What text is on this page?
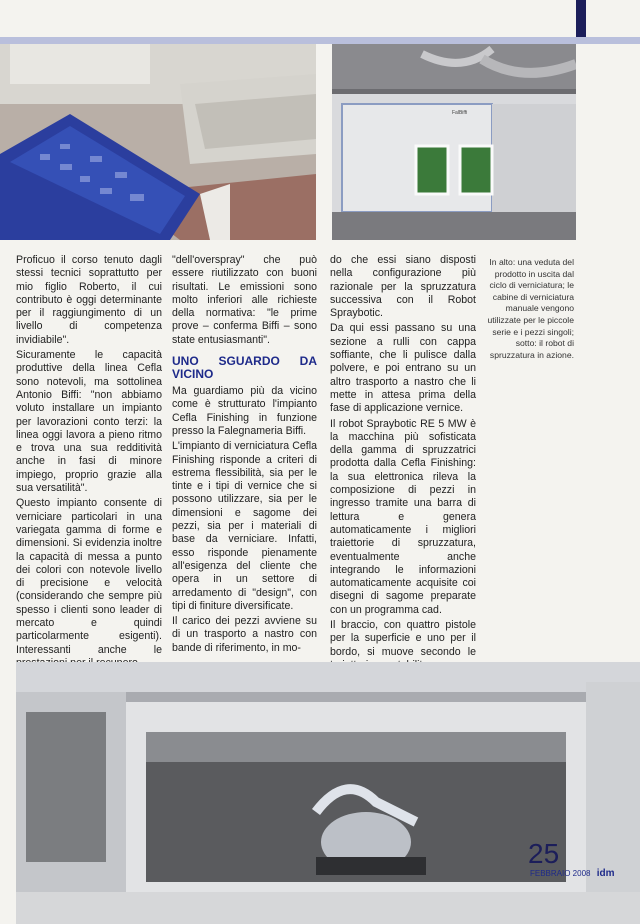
FalBiffi

Proficuo il corso tenuto dagli stessi tecnici soprattutto per mio figlio Roberto, il cui contributo è oggi determinante per il raggiungimento di un livello di competenza invidiabile".

Sicuramente le capacità produttive della linea Cefla sono notevoli, ma sottolinea Antonio Biffi: "non abbiamo voluto installare un impianto per lavorazioni conto terzi: la linea oggi lavora a pieno ritmo e trova una sua redditività anche in fasi di minore impiego, proprio grazie alla sua versatilità".

Questo impianto consente di verniciare particolari in una variegata gamma di forme e dimensioni. Si evidenzia inoltre la capacità di messa a punto dei colori con notevole livello di precisione e velocità (considerando che sempre più spesso i clienti sono leader di mercato e quindi particolarmente esigenti). Interessanti anche le

"dell'overspray" che può essere riutilizzato con buoni risultati. Le emissioni sono molto inferiori alle richieste della normativa: "le prime prove – conferma Biffi – sono state entusiasmanti".

UNO SGUARDO DA VICINO

Ma guardiamo più da vicino come è strutturato l'impianto Cefla Finishing in funzione presso la Falegnameria Biffi.

L'impianto di verniciatura Cefla Finishing risponde a criteri di estrema flessibilità, sia per le tinte e i tipi di vernice che si possono utilizzare, sia per le dimensioni e sagome dei pezzi, sia per i materiali di base da verniciare. Infatti, esso risponde pienamente all'esigenza del cliente che opera in un settore di arredamento di "design", con tipi di finiture diversificate.

Il carico dei pezzi avviene su di un trasporto a nastro con bande di riferimento, in mo-

do che essi siano disposti nella configurazione più razionale per la spruzzatura successiva con il Robot Spraybotic.

Da qui essi passano su una sezione a rulli con cappa soffiante, che li pulisce dalla polvere, e poi entrano su un altro trasporto a nastro che li mette in attesa prima della fase di applicazione vernice.

Il robot Spraybotic RE 5 MW è la macchina più sofisticata della gamma di spruzzatrici prodotta dalla Cefla Finishing: la sua elettronica rileva la composizione di pezzi in ingresso tramite una barra di lettura e genera automaticamente i migliori traiettorie di spruzzatura, eventualmente anche integrando le informazioni automaticamente acquisite coi disegni di sagome preparate con un programma cad.

Il braccio, con quattro pistole per la superficie e uno per il bordo, si muove secondo le

In alto: una veduta del prodotto in uscita dal ciclo di verniciatura; le cabine di verniciatura manuale vengono utilizzate per le piccole serie e i pezzi singoli; sotto: il robot di spruzzatura in azione.
25
FEBBRAIO 2008 idm
